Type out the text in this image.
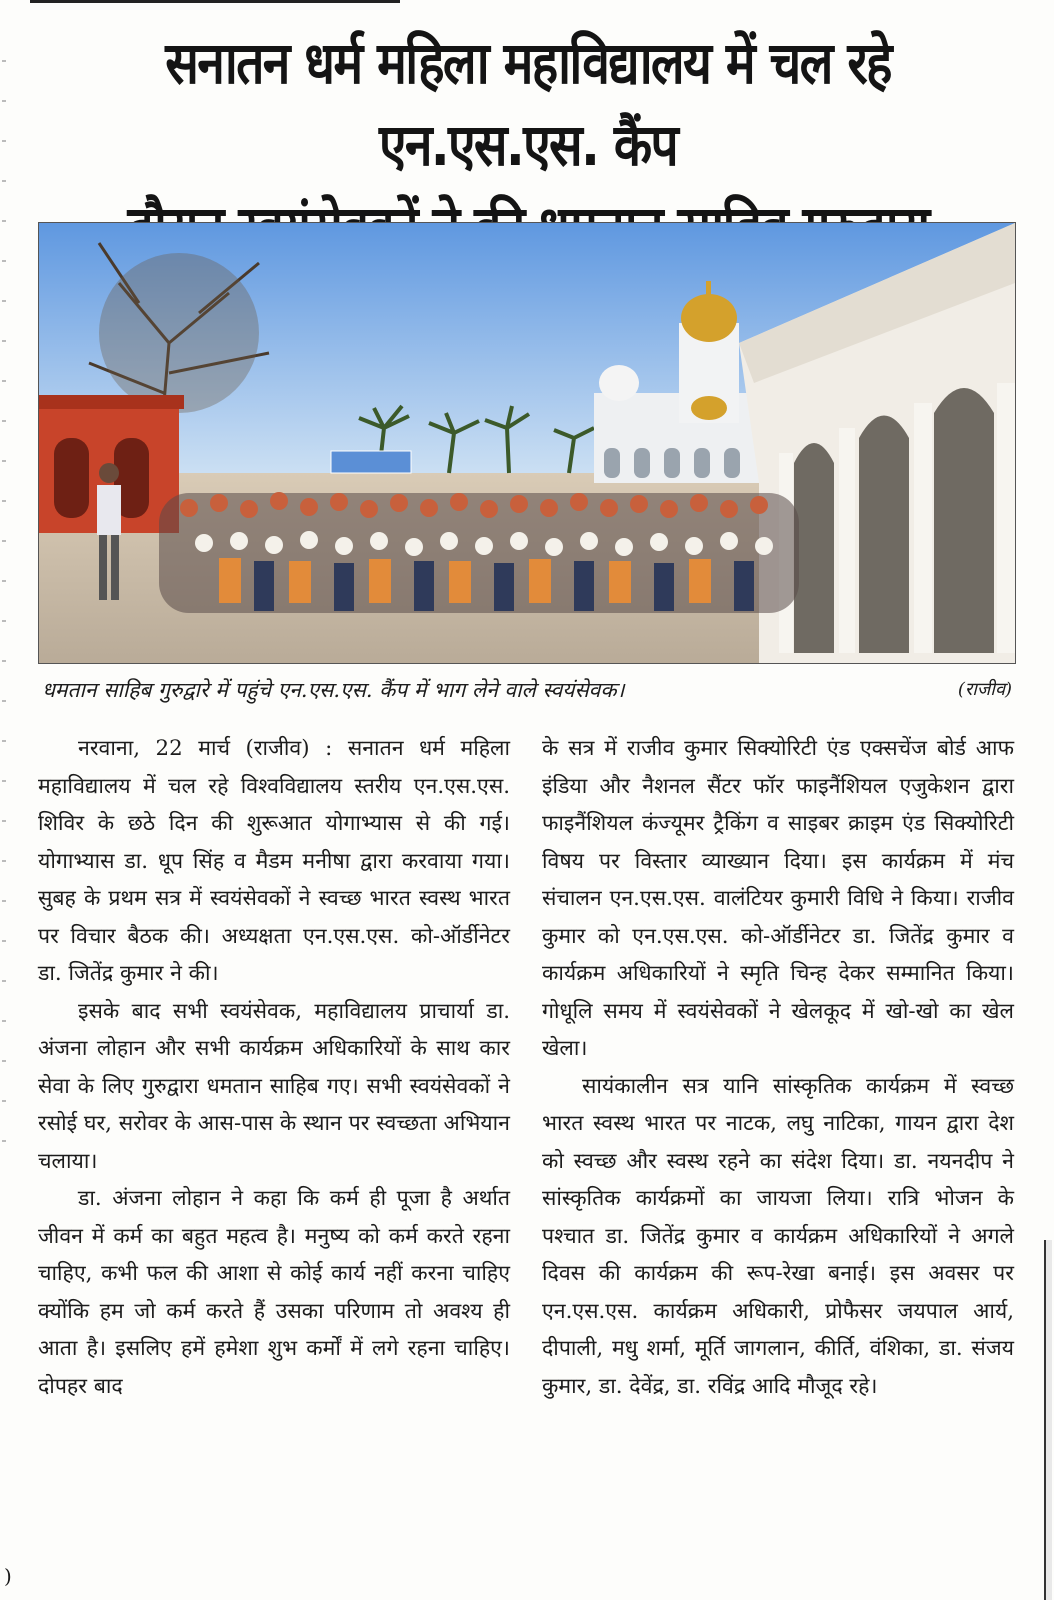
सनातन धर्म महिला महाविद्यालय में चल रहे एन.एस.एस. कैंप
धमतान साहिब गुरुद्वारे में पहुंचे एन.एस.एस. कैंप में भाग लेने वाले स्वयंसेवक।	(राजीव)

नरवाना, 22 मार्च (राजीव) : सनातन धर्म महिला महाविद्यालय में चल रहे विश्वविद्यालय स्तरीय एन.एस.एस. शिविर के छठे दिन की शुरूआत योगाभ्यास से की गई। योगाभ्यास डा. धूप सिंह व मैडम मनीषा द्वारा करवाया गया। सुबह के प्रथम सत्र में स्वयंसेवकों ने स्वच्छ भारत स्वस्थ भारत पर विचार बैठक की। अध्यक्षता एन.एस.एस. को-ऑर्डीनेटर डा. जितेंद्र कुमार ने की।

इसके बाद सभी स्वयंसेवक, महाविद्यालय प्राचार्या डा. अंजना लोहान और सभी कार्यक्रम अधिकारियों के साथ कार सेवा के लिए गुरुद्वारा धमतान साहिब गए। सभी स्वयंसेवकों ने रसोई घर, सरोवर के आस-पास के स्थान पर स्वच्छता अभियान चलाया।

डा. अंजना लोहान ने कहा कि कर्म ही पूजा है अर्थात जीवन में कर्म का बहुत महत्व है। मनुष्य को कर्म करते रहना चाहिए, कभी फल की आशा से कोई कार्य नहीं करना चाहिए क्योंकि हम जो कर्म करते हैं उसका परिणाम तो अवश्य ही आता है। इसलिए हमें हमेशा शुभ कर्मों में लगे रहना चाहिए। दोपहर बाद

के सत्र में राजीव कुमार सिक्योरिटी एंड एक्सचेंज बोर्ड आफ इंडिया और नैशनल सैंटर फॉर फाइनैंशियल एजुकेशन द्वारा फाइनैंशियल कंज्यूमर ट्रैकिंग व साइबर क्राइम एंड सिक्योरिटी विषय पर विस्तार व्याख्यान दिया। इस कार्यक्रम में मंच संचालन एन.एस.एस. वालंटियर कुमारी विधि ने किया। राजीव कुमार को एन.एस.एस. को-ऑर्डीनेटर डा. जितेंद्र कुमार व कार्यक्रम अधिकारियों ने स्मृति चिन्ह देकर सम्मानित किया। गोधूलि समय में स्वयंसेवकों ने खेलकूद में खो-खो का खेल खेला।

सायंकालीन सत्र यानि सांस्कृतिक कार्यक्रम में स्वच्छ भारत स्वस्थ भारत पर नाटक, लघु नाटिका, गायन द्वारा देश को स्वच्छ और स्वस्थ रहने का संदेश दिया। डा. नयनदीप ने सांस्कृतिक कार्यक्रमों का जायजा लिया। रात्रि भोजन के पश्चात डा. जितेंद्र कुमार व कार्यक्रम अधिकारियों ने अगले दिवस की कार्यक्रम की रूप-रेखा बनाई। इस अवसर पर एन.एस.एस. कार्यक्रम अधिकारी, प्रोफैसर जयपाल आर्य, दीपाली, मधु शर्मा, मूर्ति जागलान, कीर्ति, वंशिका, डा. संजय कुमार, डा. देवेंद्र, डा. रविंद्र आदि मौजूद रहे।

)
